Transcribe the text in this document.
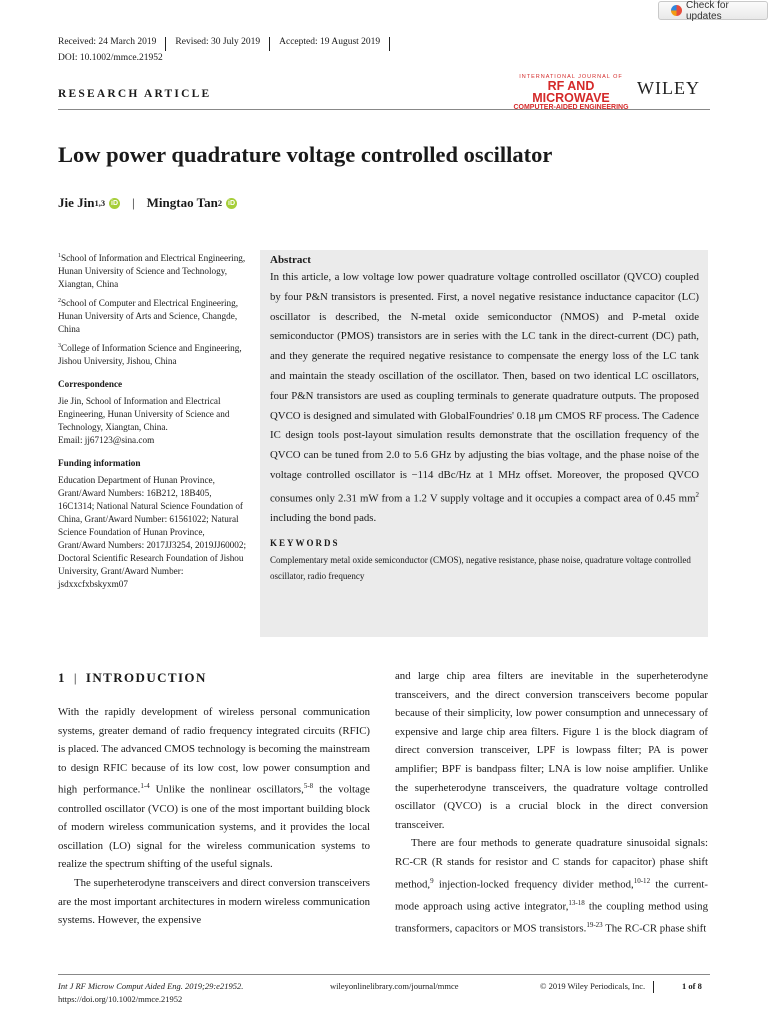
Check for updates
Received: 24 March 2019	Revised: 30 July 2019	Accepted: 19 August 2019
DOI: 10.1002/mmce.21952
RESEARCH ARTICLE
INTERNATIONAL JOURNAL OF
RF AND MICROWAVE
COMPUTER-AIDED ENGINEERING
WILEY
Low power quadrature voltage controlled oscillator
Jie Jin 1,3 iD | Mingtao Tan 2 iD

$^1$School of Information and Electrical Engineering, Hunan University of Science and Technology, Xiangtan, China

$^2$School of Computer and Electrical Engineering, Hunan University of Arts and Science, Changde, China

$^3$College of Information Science and Engineering, Jishou University, Jishou, China

Correspondence

Jie Jin, School of Information and Electrical Engineering, Hunan University of Science and Technology, Xiangtan, China.
Email: jj67123@sina.com

Funding information

Education Department of Hunan Province, Grant/Award Numbers: 16B212, 18B405, 16C1314; National Natural Science Foundation of China, Grant/Award Number: 61561022; Natural Science Foundation of Hunan Province, Grant/Award Numbers: 2017JJ3254, 2019JJ60002; Doctoral Scientific Research Foundation of Jishou University, Grant/Award Number: jsdxxcfxbskyxm07

Abstract

In this article, a low voltage low power quadrature voltage controlled oscillator (QVCO) coupled by four P&N transistors is presented. First, a novel negative resistance inductance capacitor (LC) oscillator is described, the N-metal oxide semiconductor (NMOS) and P-metal oxide semiconductor (PMOS) transistors are in series with the LC tank in the direct-current (DC) path, and they generate the required negative resistance to compensate the energy loss of the LC tank and maintain the steady oscillation of the oscillator. Then, based on two identical LC oscillators, four P&N transistors are used as coupling terminals to generate quadrature outputs. The proposed QVCO is designed and simulated with GlobalFoundries' 0.18 μm CMOS RF process. The Cadence IC design tools post-layout simulation results demonstrate that the oscillation frequency of the QVCO can be tuned from 2.0 to 5.6 GHz by adjusting the bias voltage, and the phase noise of the voltage controlled oscillator is −114 dBc/Hz at 1 MHz offset. Moreover, the proposed QVCO consumes only 2.31 mW from a 1.2 V supply voltage and it occupies a compact area of 0.45 $mm^2$ including the bond pads.

KEYWORDS

Complementary metal oxide semiconductor (CMOS), negative resistance, phase noise, quadrature voltage controlled oscillator, radio frequency

1 | INTRODUCTION

With the rapidly development of wireless personal communication systems, greater demand of radio frequency integrated circuits (RFIC) is placed. The advanced CMOS technology is becoming the mainstream to design RFIC because of its low cost, low power consumption and high performance.$^{1-4}$ Unlike the nonlinear oscillators,$^{5-8}$ the voltage controlled oscillator (VCO) is one of the most important building block of modern wireless communication systems, and it provides the local oscillation (LO) signal for the wireless communication systems to realize the spectrum shifting of the useful signals.

The superheterodyne transceivers and direct conversion transceivers are the most important architectures in modern wireless communication systems. However, the expensive

and large chip area filters are inevitable in the superheterodyne transceivers, and the direct conversion transceivers become popular because of their simplicity, low power consumption and unnecessary of expensive and large chip area filters. Figure 1 is the block diagram of direct conversion transceiver, LPF is lowpass filter; PA is power amplifier; BPF is bandpass filter; LNA is low noise amplifier. Unlike the superheterodyne transceivers, the quadrature voltage controlled oscillator (QVCO) is a crucial block in the direct conversion transceiver.

There are four methods to generate quadrature sinusoidal signals: RC-CR (R stands for resistor and C stands for capacitor) phase shift method,$^9$ injection-locked frequency divider method,$^{10-12}$ the current-mode approach using active integrator,$^{13-18}$ the coupling method using transformers, capacitors or MOS transistors.$^{19-23}$ The RC-CR phase shift

Int J RF Microw Comput Aided Eng. 2019;29:e21952.
https://doi.org/10.1002/mmce.21952
wileyonlinelibrary.com/journal/mmce	© 2019 Wiley Periodicals, Inc.	1 of 8
